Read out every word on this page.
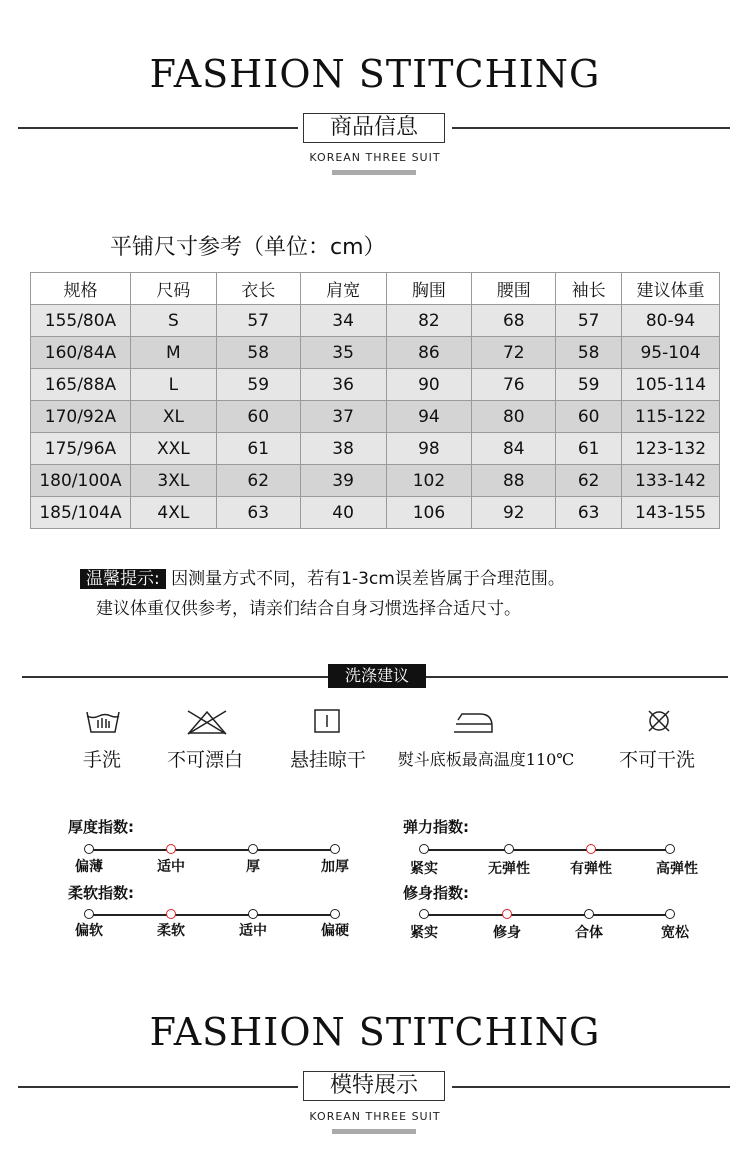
FASHION STITCHING
商品信息
KOREAN THREE SUIT
平铺尺寸参考（单位：cm）
规格	尺码	衣长	肩宽	胸围	腰围	袖长	建议体重
155/80A	S	57	34	82	68	57	80-94
160/84A	M	58	35	86	72	58	95-104
165/88A	L	59	36	90	76	59	105-114
170/92A	XL	60	37	94	80	60	115-122
175/96A	XXL	61	38	98	84	61	123-132
180/100A	3XL	62	39	102	88	62	133-142
185/104A	4XL	63	40	106	92	63	143-155
温馨提示: 因测量方式不同，若有1-3cm误差皆属于合理范围。
建议体重仅供参考，请亲们结合自身习惯选择合适尺寸。
洗涤建议
手洗	不可漂白	悬挂晾干	熨斗底板最高温度110℃	不可干洗
厚度指数:	弹力指数:
柔软指数:	修身指数:
偏薄	适中	厚	加厚	紧实	无弹性	有弹性	高弹性
偏软	柔软	适中	偏硬	紧实	修身	合体	宽松
FASHION STITCHING
模特展示
KOREAN THREE SUIT
